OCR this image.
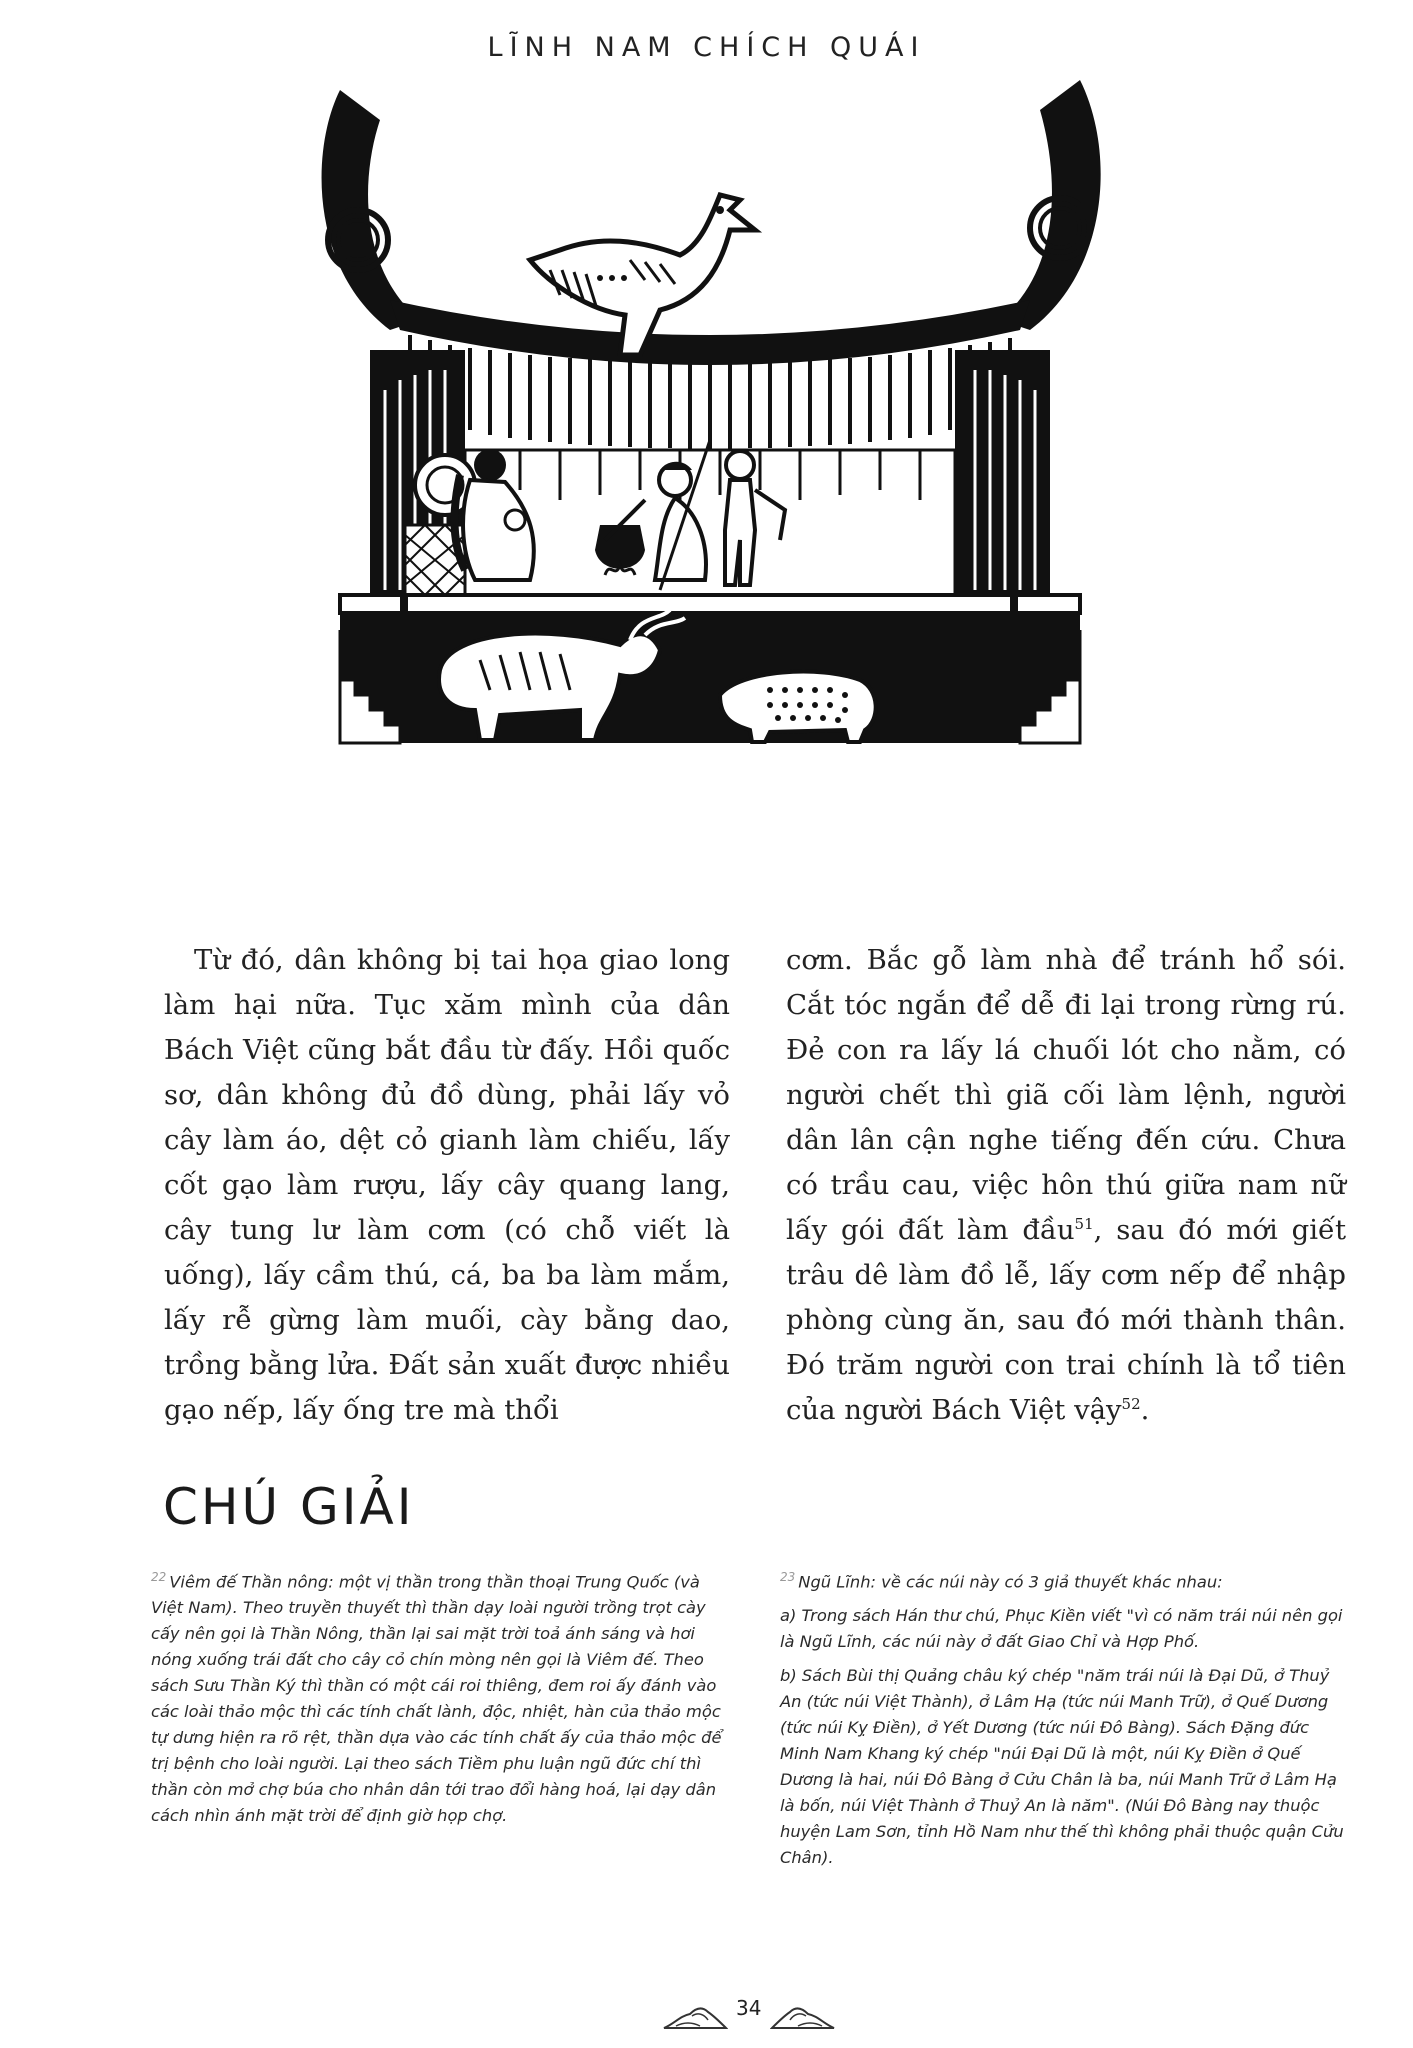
LĨNH NAM CHÍCH QUÁI

Từ đó, dân không bị tai họa giao long làm hại nữa. Tục xăm mình của dân Bách Việt cũng bắt đầu từ đấy. Hồi quốc sơ, dân không đủ đồ dùng, phải lấy vỏ cây làm áo, dệt cỏ gianh làm chiếu, lấy cốt gạo làm rượu, lấy cây quang lang, cây tung lư làm cơm (có chỗ viết là uống), lấy cầm thú, cá, ba ba làm mắm, lấy rễ gừng làm muối, cày bằng dao, trồng bằng lửa. Đất sản xuất được nhiều gạo nếp, lấy ống tre mà thổi

cơm. Bắc gỗ làm nhà để tránh hổ sói. Cắt tóc ngắn để dễ đi lại trong rừng rú. Đẻ con ra lấy lá chuối lót cho nằm, có người chết thì giã cối làm lệnh, người dân lân cận nghe tiếng đến cứu. Chưa có trầu cau, việc hôn thú giữa nam nữ lấy gói đất làm đầu$^{51}$, sau đó mới giết trâu dê làm đồ lễ, lấy cơm nếp để nhập phòng cùng ăn, sau đó mới thành thân. Đó trăm người con trai chính là tổ tiên của người Bách Việt vậy$^{52}$.

CHÚ GIẢI

$^{22}$ Viêm đế Thần nông: một vị thần trong thần thoại Trung Quốc (và Việt Nam). Theo truyền thuyết thì thần dạy loài người trồng trọt cày cấy nên gọi là Thần Nông, thần lại sai mặt trời toả ánh sáng và hơi nóng xuống trái đất cho cây cỏ chín mòng nên gọi là Viêm đế. Theo sách Sưu Thần Ký thì thần có một cái roi thiêng, đem roi ấy đánh vào các loài thảo mộc thì các tính chất lành, độc, nhiệt, hàn của thảo mộc tự dưng hiện ra rõ rệt, thần dựa vào các tính chất ấy của thảo mộc để trị bệnh cho loài người. Lại theo sách Tiềm phu luận ngũ đức chí thì thần còn mở chợ búa cho nhân dân tới trao đổi hàng hoá, lại dạy dân cách nhìn ánh mặt trời để định giờ họp chợ.

$^{23}$ Ngũ Lĩnh: về các núi này có 3 giả thuyết khác nhau:

a) Trong sách Hán thư chú, Phục Kiền viết "vì có năm trái núi nên gọi là Ngũ Lĩnh, các núi này ở đất Giao Chỉ và Hợp Phố.

b) Sách Bùi thị Quảng châu ký chép "năm trái núi là Đại Dũ, ở Thuỷ An (tức núi Việt Thành), ở Lâm Hạ (tức núi Manh Trữ), ở Quế Dương (tức núi Kỵ Điền), ở Yết Dương (tức núi Đô Bàng). Sách Đặng đức Minh Nam Khang ký chép "núi Đại Dũ là một, núi Kỵ Điền ở Quế Dương là hai, núi Đô Bàng ở Cửu Chân là ba, núi Manh Trữ ở Lâm Hạ là bốn, núi Việt Thành ở Thuỷ An là năm". (Núi Đô Bàng nay thuộc huyện Lam Sơn, tỉnh Hồ Nam như thế thì không phải thuộc quận Cửu Chân).

34
